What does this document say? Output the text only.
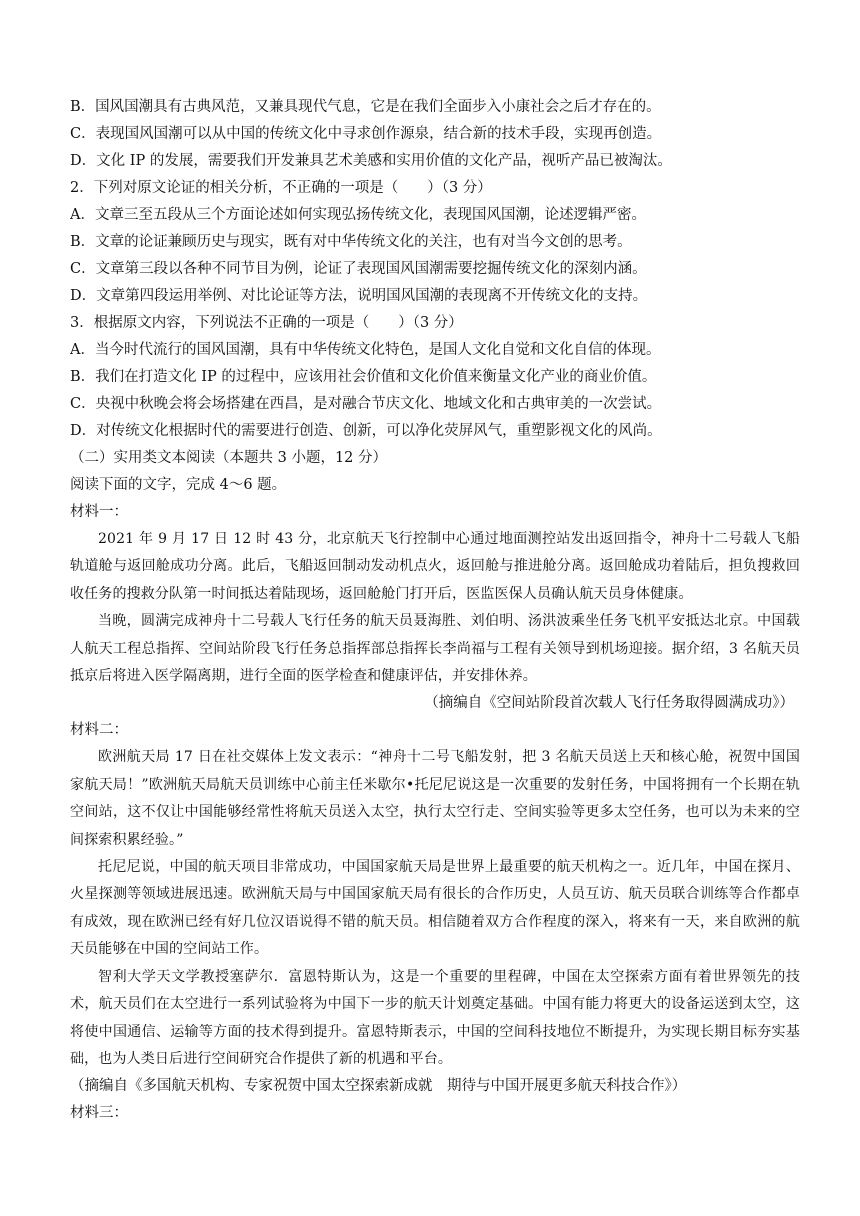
B．国风国潮具有古典风范，又兼具现代气息，它是在我们全面步入小康社会之后才存在的。
C．表现国风国潮可以从中国的传统文化中寻求创作源泉，结合新的技术手段，实现再创造。
D．文化 IP 的发展，需要我们开发兼具艺术美感和实用价值的文化产品，视听产品已被淘汰。
2．下列对原文论证的相关分析，不正确的一项是（　　）（3 分）
A．文章三至五段从三个方面论述如何实现弘扬传统文化，表现国风国潮，论述逻辑严密。
B．文章的论证兼顾历史与现实，既有对中华传统文化的关注，也有对当今文创的思考。
C．文章第三段以各种不同节目为例，论证了表现国风国潮需要挖掘传统文化的深刻内涵。
D．文章第四段运用举例、对比论证等方法，说明国风国潮的表现离不开传统文化的支持。
3．根据原文内容，下列说法不正确的一项是（　　）（3 分）
A．当今时代流行的国风国潮，具有中华传统文化特色，是国人文化自觉和文化自信的体现。
B．我们在打造文化 IP 的过程中，应该用社会价值和文化价值来衡量文化产业的商业价值。
C．央视中秋晚会将会场搭建在西昌，是对融合节庆文化、地域文化和古典审美的一次尝试。
D．对传统文化根据时代的需要进行创造、创新，可以净化荧屏风气，重塑影视文化的风尚。
（二）实用类文本阅读（本题共 3 小题，12 分）
阅读下面的文字，完成 4～6 题。
材料一：
2021 年 9 月 17 日 12 时 43 分，北京航天飞行控制中心通过地面测控站发出返回指令，神舟十二号载人飞船轨道舱与返回舱成功分离。此后，飞船返回制动发动机点火，返回舱与推进舱分离。返回舱成功着陆后，担负搜救回收任务的搜救分队第一时间抵达着陆现场，返回舱舱门打开后，医监医保人员确认航天员身体健康。
当晚，圆满完成神舟十二号载人飞行任务的航天员聂海胜、刘伯明、汤洪波乘坐任务飞机平安抵达北京。中国载人航天工程总指挥、空间站阶段飞行任务总指挥部总指挥长李尚福与工程有关领导到机场迎接。据介绍，3 名航天员抵京后将进入医学隔离期，进行全面的医学检查和健康评估，并安排休养。
（摘编自《空间站阶段首次载人飞行任务取得圆满成功》）
材料二：
欧洲航天局 17 日在社交媒体上发文表示：“神舟十二号飞船发射，把 3 名航天员送上天和核心舱，祝贺中国国家航天局！”欧洲航天局航天员训练中心前主任米歇尔•托尼尼说这是一次重要的发射任务，中国将拥有一个长期在轨空间站，这不仅让中国能够经常性将航天员送入太空，执行太空行走、空间实验等更多太空任务，也可以为未来的空间探索积累经验。”
托尼尼说，中国的航天项目非常成功，中国国家航天局是世界上最重要的航天机构之一。近几年，中国在探月、火星探测等领域进展迅速。欧洲航天局与中国国家航天局有很长的合作历史，人员互访、航天员联合训练等合作都卓有成效，现在欧洲已经有好几位汉语说得不错的航天员。相信随着双方合作程度的深入，将来有一天，来自欧洲的航天员能够在中国的空间站工作。
智利大学天文学教授塞萨尔．富恩特斯认为，这是一个重要的里程碑，中国在太空探索方面有着世界领先的技术，航天员们在太空进行一系列试验将为中国下一步的航天计划奠定基础。中国有能力将更大的设备运送到太空，这将使中国通信、运输等方面的技术得到提升。富恩特斯表示，中国的空间科技地位不断提升，为实现长期目标夯实基础，也为人类日后进行空间研究合作提供了新的机遇和平台。
（摘编自《多国航天机构、专家祝贺中国太空探索新成就　期待与中国开展更多航天科技合作》）
材料三：
